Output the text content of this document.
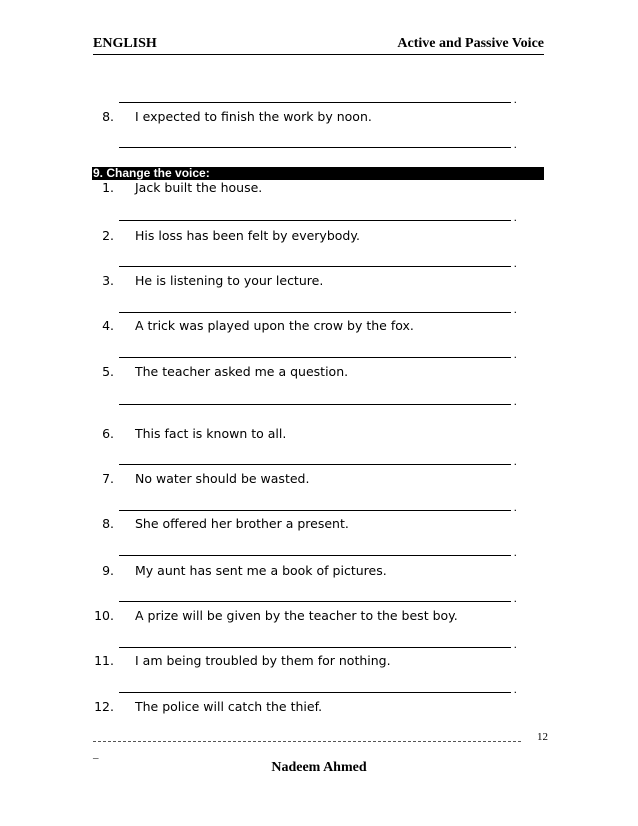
ENGLISH	Active and Passive Voice
.
8. I expected to finish the work by noon.
.
9. Change the voice:
1. Jack built the house.
.
2. His loss has been felt by everybody.
.
3. He is listening to your lecture.
.
4. A trick was played upon the crow by the fox.
.
5. The teacher asked me a question.
.
6. This fact is known to all.
.
7. No water should be wasted.
.
8. She offered her brother a present.
.
9. My aunt has sent me a book of pictures.
.
10. A prize will be given by the teacher to the best boy.
.
11. I am being troubled by them for nothing.
.
12. The police will catch the thief.
12
_
Nadeem Ahmed
